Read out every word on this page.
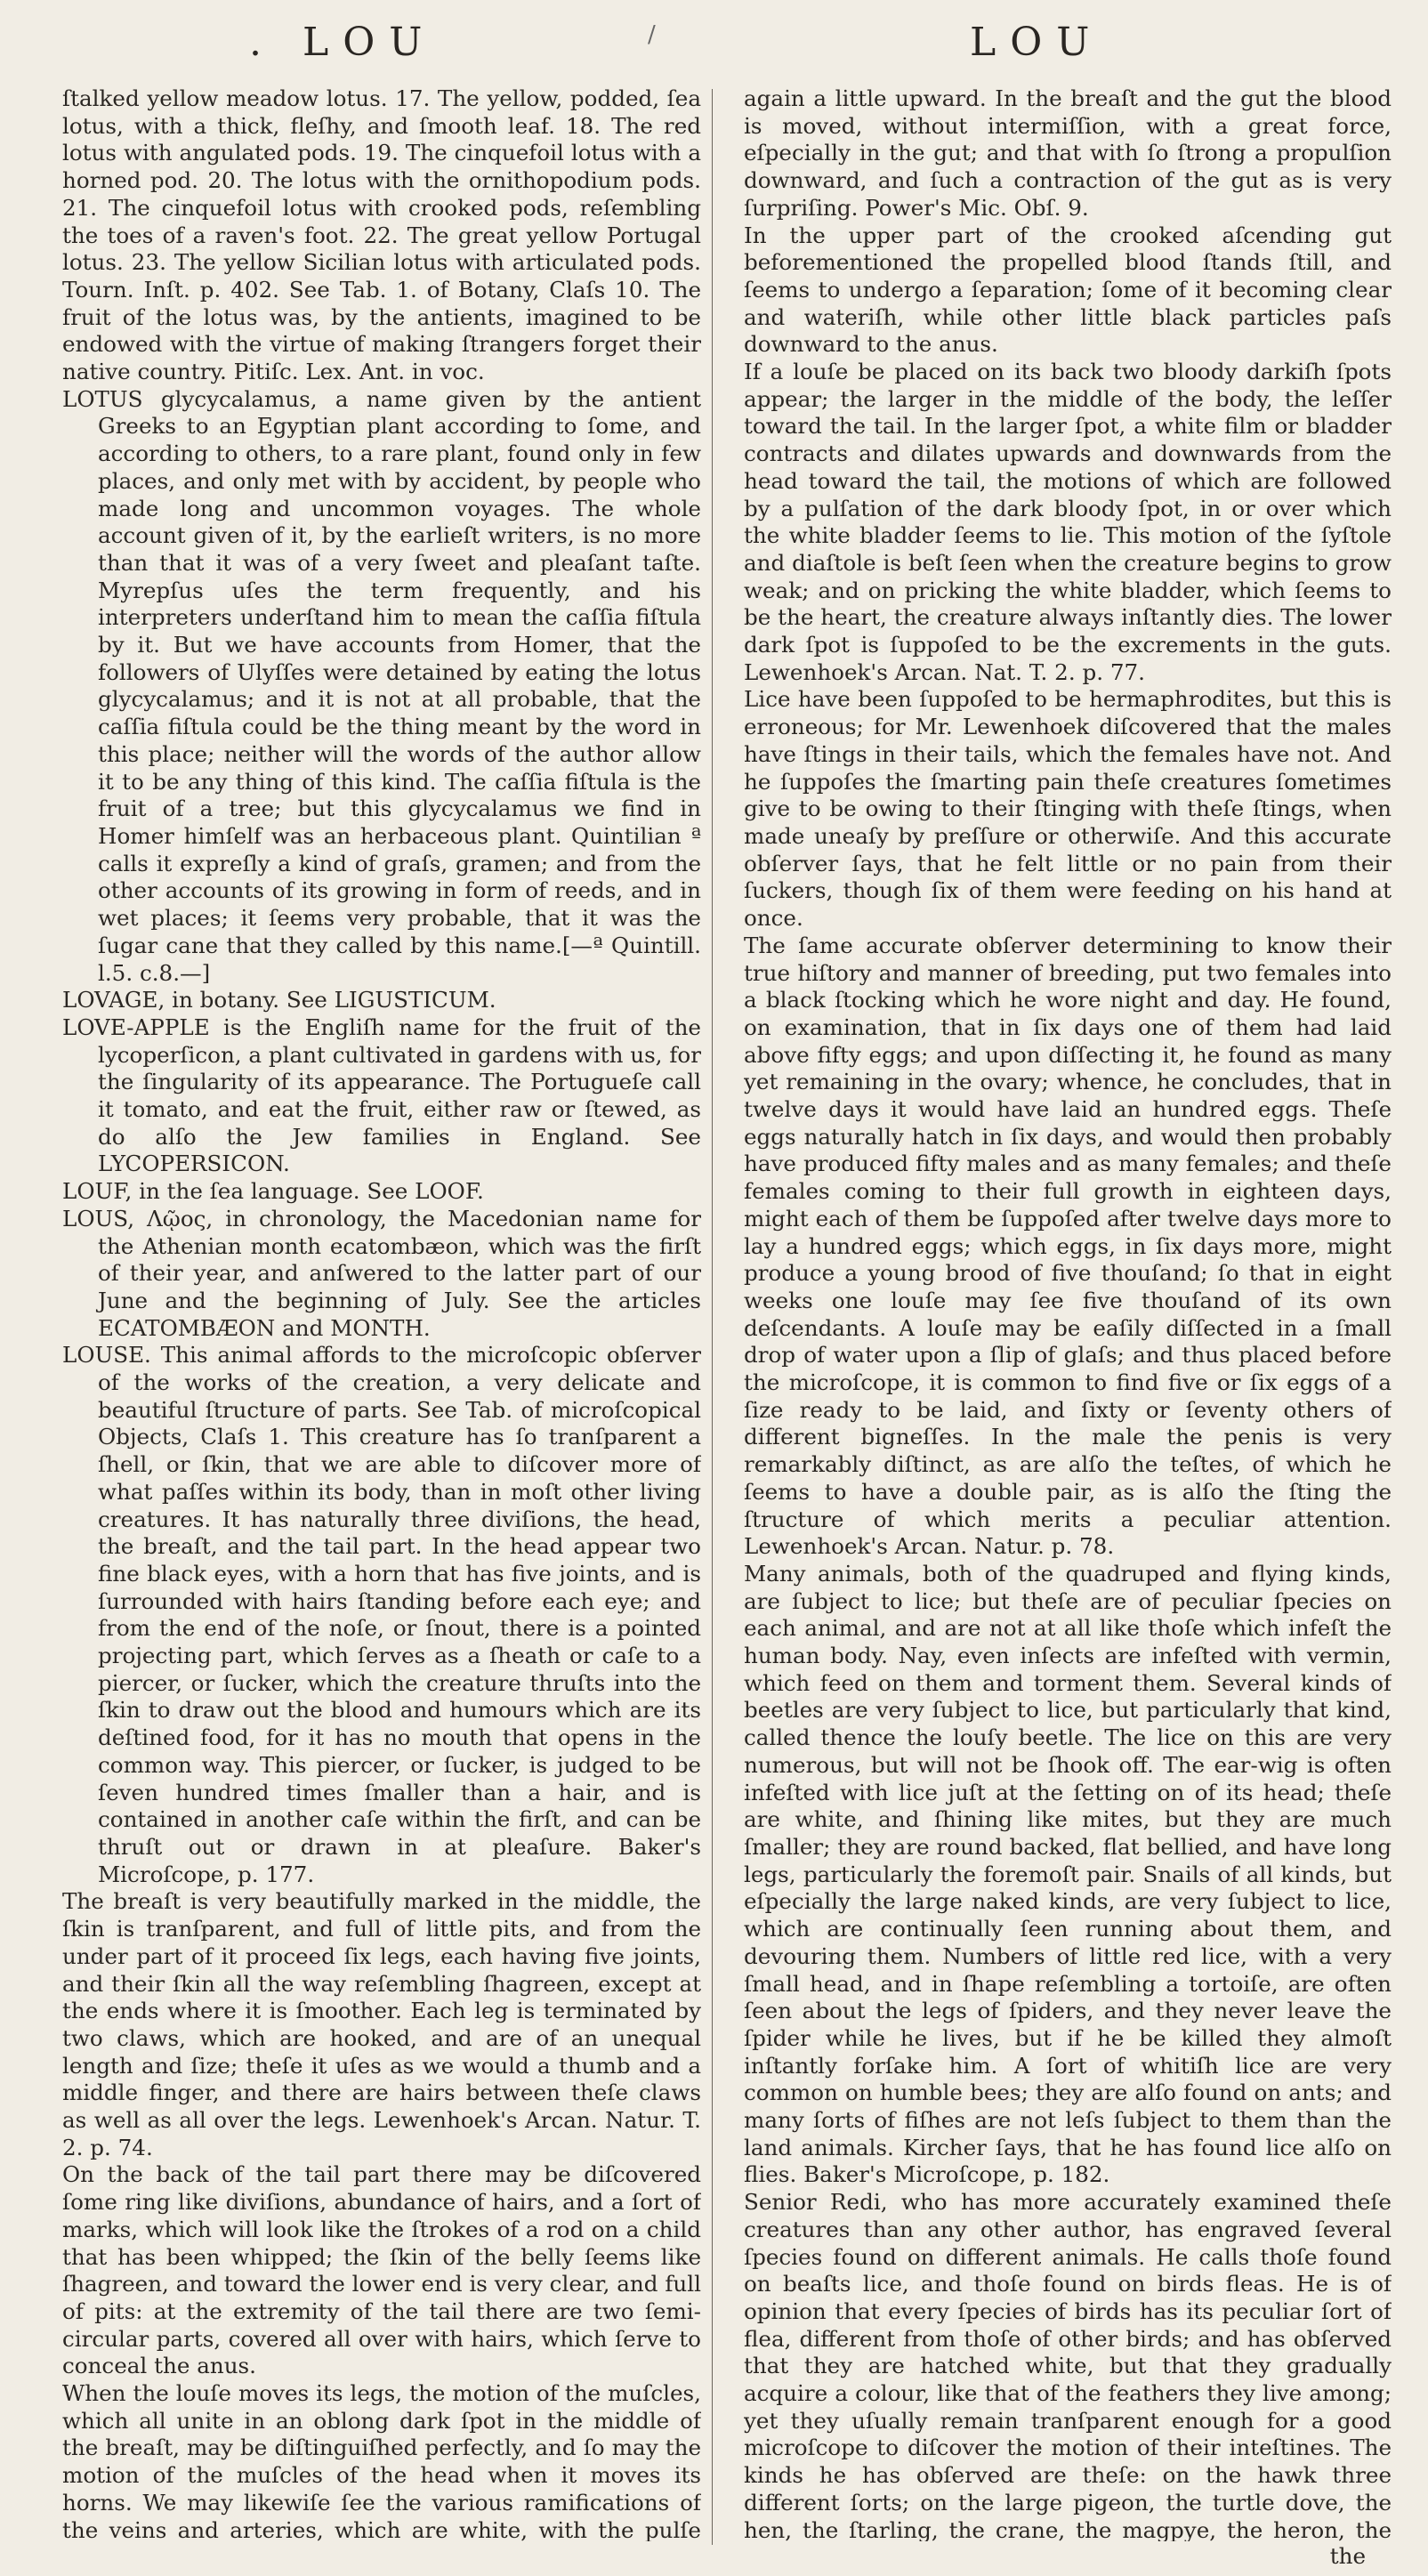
. LOU	/	LOU

ſtalked yellow meadow lotus. 17. The yellow, podded, ſea lotus, with a thick, fleſhy, and ſmooth leaf. 18. The red lotus with angulated pods. 19. The cinquefoil lotus with a horned pod. 20. The lotus with the ornithopodium pods. 21. The cinquefoil lotus with crooked pods, reſembling the toes of a raven's foot. 22. The great yellow Portugal lotus. 23. The yellow Sicilian lotus with articulated pods. Tourn. Inſt. p. 402. See Tab. 1. of Botany, Claſs 10. The fruit of the lotus was, by the antients, imagined to be endowed with the virtue of making ſtrangers forget their native country. Pitiſc. Lex. Ant. in voc.

LOTUS glycycalamus, a name given by the antient Greeks to an Egyptian plant according to ſome, and according to others, to a rare plant, found only in few places, and only met with by accident, by people who made long and uncommon voyages. The whole account given of it, by the earlieſt writers, is no more than that it was of a very ſweet and pleaſant taſte. Myrepſus uſes the term frequently, and his interpreters underſtand him to mean the caſſia fiſtula by it. But we have accounts from Homer, that the followers of Ulyſſes were detained by eating the lotus glycycalamus; and it is not at all probable, that the caſſia fiſtula could be the thing meant by the word in this place; neither will the words of the author allow it to be any thing of this kind. The caſſia fiſtula is the fruit of a tree; but this glycycalamus we find in Homer himſelf was an herbaceous plant. Quintilian ª calls it expreſly a kind of graſs, gramen; and from the other accounts of its growing in form of reeds, and in wet places; it ſeems very probable, that it was the ſugar cane that they called by this name.[—ª Quintill. l.5. c.8.—]

LOVAGE, in botany. See LIGUSTICUM.

LOVE-APPLE is the Engliſh name for the fruit of the lycoperſicon, a plant cultivated in gardens with us, for the ſingularity of its appearance. The Portugueſe call it tomato, and eat the fruit, either raw or ſtewed, as do alſo the Jew families in England. See LYCOPERSICON.

LOUF, in the ſea language. See LOOF.

LOUS, Λῷος, in chronology, the Macedonian name for the Athenian month ecatombæon, which was the firſt of their year, and anſwered to the latter part of our June and the beginning of July. See the articles ECATOMBÆON and MONTH.

LOUSE. This animal affords to the microſcopic obſerver of the works of the creation, a very delicate and beautiful ſtructure of parts. See Tab. of microſcopical Objects, Claſs 1. This creature has ſo tranſparent a ſhell, or ſkin, that we are able to diſcover more of what paſſes within its body, than in moſt other living creatures. It has naturally three diviſions, the head, the breaſt, and the tail part. In the head appear two fine black eyes, with a horn that has five joints, and is ſurrounded with hairs ſtanding before each eye; and from the end of the noſe, or ſnout, there is a pointed projecting part, which ſerves as a ſheath or caſe to a piercer, or ſucker, which the creature thruſts into the ſkin to draw out the blood and humours which are its deſtined food, for it has no mouth that opens in the common way. This piercer, or ſucker, is judged to be ſeven hundred times ſmaller than a hair, and is contained in another caſe within the firſt, and can be thruſt out or drawn in at pleaſure. Baker's Microſcope, p. 177.

The breaſt is very beautifully marked in the middle, the ſkin is tranſparent, and full of little pits, and from the under part of it proceed ſix legs, each having five joints, and their ſkin all the way reſembling ſhagreen, except at the ends where it is ſmoother. Each leg is terminated by two claws, which are hooked, and are of an unequal length and ſize; theſe it uſes as we would a thumb and a middle finger, and there are hairs between theſe claws as well as all over the legs. Lewenhoek's Arcan. Natur. T. 2. p. 74.

On the back of the tail part there may be diſcovered ſome ring like diviſions, abundance of hairs, and a ſort of marks, which will look like the ſtrokes of a rod on a child that has been whipped; the ſkin of the belly ſeems like ſhagreen, and toward the lower end is very clear, and full of pits: at the extremity of the tail there are two ſemi-circular parts, covered all over with hairs, which ſerve to conceal the anus.

When the louſe moves its legs, the motion of the muſcles, which all unite in an oblong dark ſpot in the middle of the breaſt, may be diſtinguiſhed perfectly, and ſo may the motion of the muſcles of the head when it moves its horns. We may likewiſe ſee the various ramifications of the veins and arteries, which are white, with the pulſe

again a little upward. In the breaſt and the gut the blood is moved, without intermiſſion, with a great force, eſpecially in the gut; and that with ſo ſtrong a propulſion downward, and ſuch a contraction of the gut as is very ſurpriſing. Power's Mic. Obſ. 9.

In the upper part of the crooked aſcending gut beforementioned the propelled blood ſtands ſtill, and ſeems to undergo a ſeparation; ſome of it becoming clear and wateriſh, while other little black particles paſs downward to the anus.

If a louſe be placed on its back two bloody darkiſh ſpots appear; the larger in the middle of the body, the leſſer toward the tail. In the larger ſpot, a white film or bladder contracts and dilates upwards and downwards from the head toward the tail, the motions of which are followed by a pulſation of the dark bloody ſpot, in or over which the white bladder ſeems to lie. This motion of the ſyſtole and diaſtole is beſt ſeen when the creature begins to grow weak; and on pricking the white bladder, which ſeems to be the heart, the creature always inſtantly dies. The lower dark ſpot is ſuppoſed to be the excrements in the guts. Lewenhoek's Arcan. Nat. T. 2. p. 77.

Lice have been ſuppoſed to be hermaphrodites, but this is erroneous; for Mr. Lewenhoek diſcovered that the males have ſtings in their tails, which the females have not. And he ſuppoſes the ſmarting pain theſe creatures ſometimes give to be owing to their ſtinging with theſe ſtings, when made uneaſy by preſſure or otherwiſe. And this accurate obſerver ſays, that he felt little or no pain from their ſuckers, though ſix of them were feeding on his hand at once.

The ſame accurate obſerver determining to know their true hiſtory and manner of breeding, put two females into a black ſtocking which he wore night and day. He found, on examination, that in ſix days one of them had laid above fifty eggs; and upon diſſecting it, he found as many yet remaining in the ovary; whence, he concludes, that in twelve days it would have laid an hundred eggs. Theſe eggs naturally hatch in ſix days, and would then probably have produced fifty males and as many females; and theſe females coming to their full growth in eighteen days, might each of them be ſuppoſed after twelve days more to lay a hundred eggs; which eggs, in ſix days more, might produce a young brood of five thouſand; ſo that in eight weeks one louſe may ſee five thouſand of its own deſcendants. A louſe may be eaſily diſſected in a ſmall drop of water upon a ſlip of glaſs; and thus placed before the microſcope, it is common to find five or ſix eggs of a ſize ready to be laid, and ſixty or ſeventy others of different bigneſſes. In the male the penis is very remarkably diſtinct, as are alſo the teſtes, of which he ſeems to have a double pair, as is alſo the ſting the ſtructure of which merits a peculiar attention. Lewenhoek's Arcan. Natur. p. 78.

Many animals, both of the quadruped and flying kinds, are ſubject to lice; but theſe are of peculiar ſpecies on each animal, and are not at all like thoſe which infeſt the human body. Nay, even inſects are infeſted with vermin, which feed on them and torment them. Several kinds of beetles are very ſubject to lice, but particularly that kind, called thence the louſy beetle. The lice on this are very numerous, but will not be ſhook off. The ear-wig is often infeſted with lice juſt at the ſetting on of its head; theſe are white, and ſhining like mites, but they are much ſmaller; they are round backed, flat bellied, and have long legs, particularly the foremoſt pair. Snails of all kinds, but eſpecially the large naked kinds, are very ſubject to lice, which are continually ſeen running about them, and devouring them. Numbers of little red lice, with a very ſmall head, and in ſhape reſembling a tortoiſe, are often ſeen about the legs of ſpiders, and they never leave the ſpider while he lives, but if he be killed they almoſt inſtantly forſake him. A ſort of whitiſh lice are very common on humble bees; they are alſo found on ants; and many ſorts of fiſhes are not leſs ſubject to them than the land animals. Kircher ſays, that he has found lice alſo on flies. Baker's Microſcope, p. 182.

Senior Redi, who has more accurately examined theſe creatures than any other author, has engraved ſeveral ſpecies found on different animals. He calls thoſe found on beaſts lice, and thoſe found on birds fleas. He is of opinion that every ſpecies of birds has its peculiar ſort of flea, different from thoſe of other birds; and has obſerved that they are hatched white, but that they gradually acquire a colour, like that of the feathers they live among; yet they uſually remain tranſparent enough for a good microſcope to diſcover the motion of their inteſtines. The kinds he has obſerved are theſe: on the hawk three different ſorts; on the large pigeon, the turtle dove, the hen, the ſtarling, the crane, the magpye, the heron, the

the
